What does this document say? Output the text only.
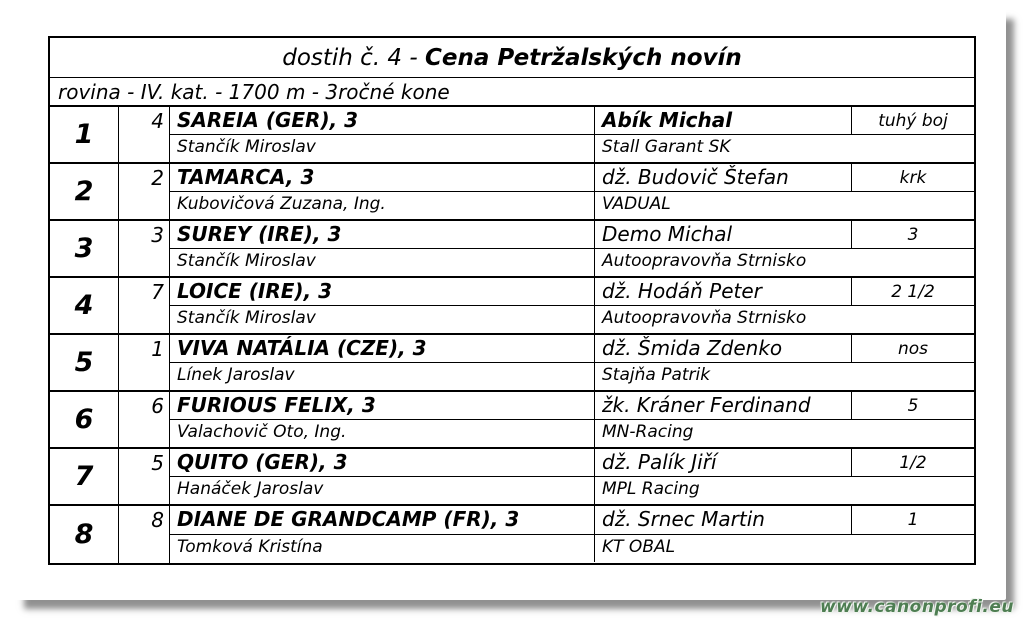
dostih č. 4 - Cena Petržalských novín
rovina - IV. kat. - 1700 m - 3ročné kone
1	4 SAREIA (GER), 3	Abík Michal	tuhý boj
Stančík Miroslav	Stall Garant SK
2	2 TAMARCA, 3	dž. Budovič Štefan	krk
Kubovičová Zuzana, Ing.	VADUAL
3	3 SUREY (IRE), 3	Demo Michal	3
Stančík Miroslav	Autoopravovňa Strnisko
4	7 LOICE (IRE), 3	dž. Hodáň Peter	2 1/2
Stančík Miroslav	Autoopravovňa Strnisko
5	1 VIVA NATÁLIA (CZE), 3	dž. Šmida Zdenko	nos
Línek Jaroslav	Stajňa Patrik
6	6 FURIOUS FELIX, 3	žk. Kráner Ferdinand	5
Valachovič Oto, Ing.	MN-Racing
7	5 QUITO (GER), 3	dž. Palík Jiří	1/2
Hanáček Jaroslav	MPL Racing
8	8 DIANE DE GRANDCAMP (FR), 3	dž. Srnec Martin	1
Tomková Kristína	KT OBAL
www.canonprofi.eu
